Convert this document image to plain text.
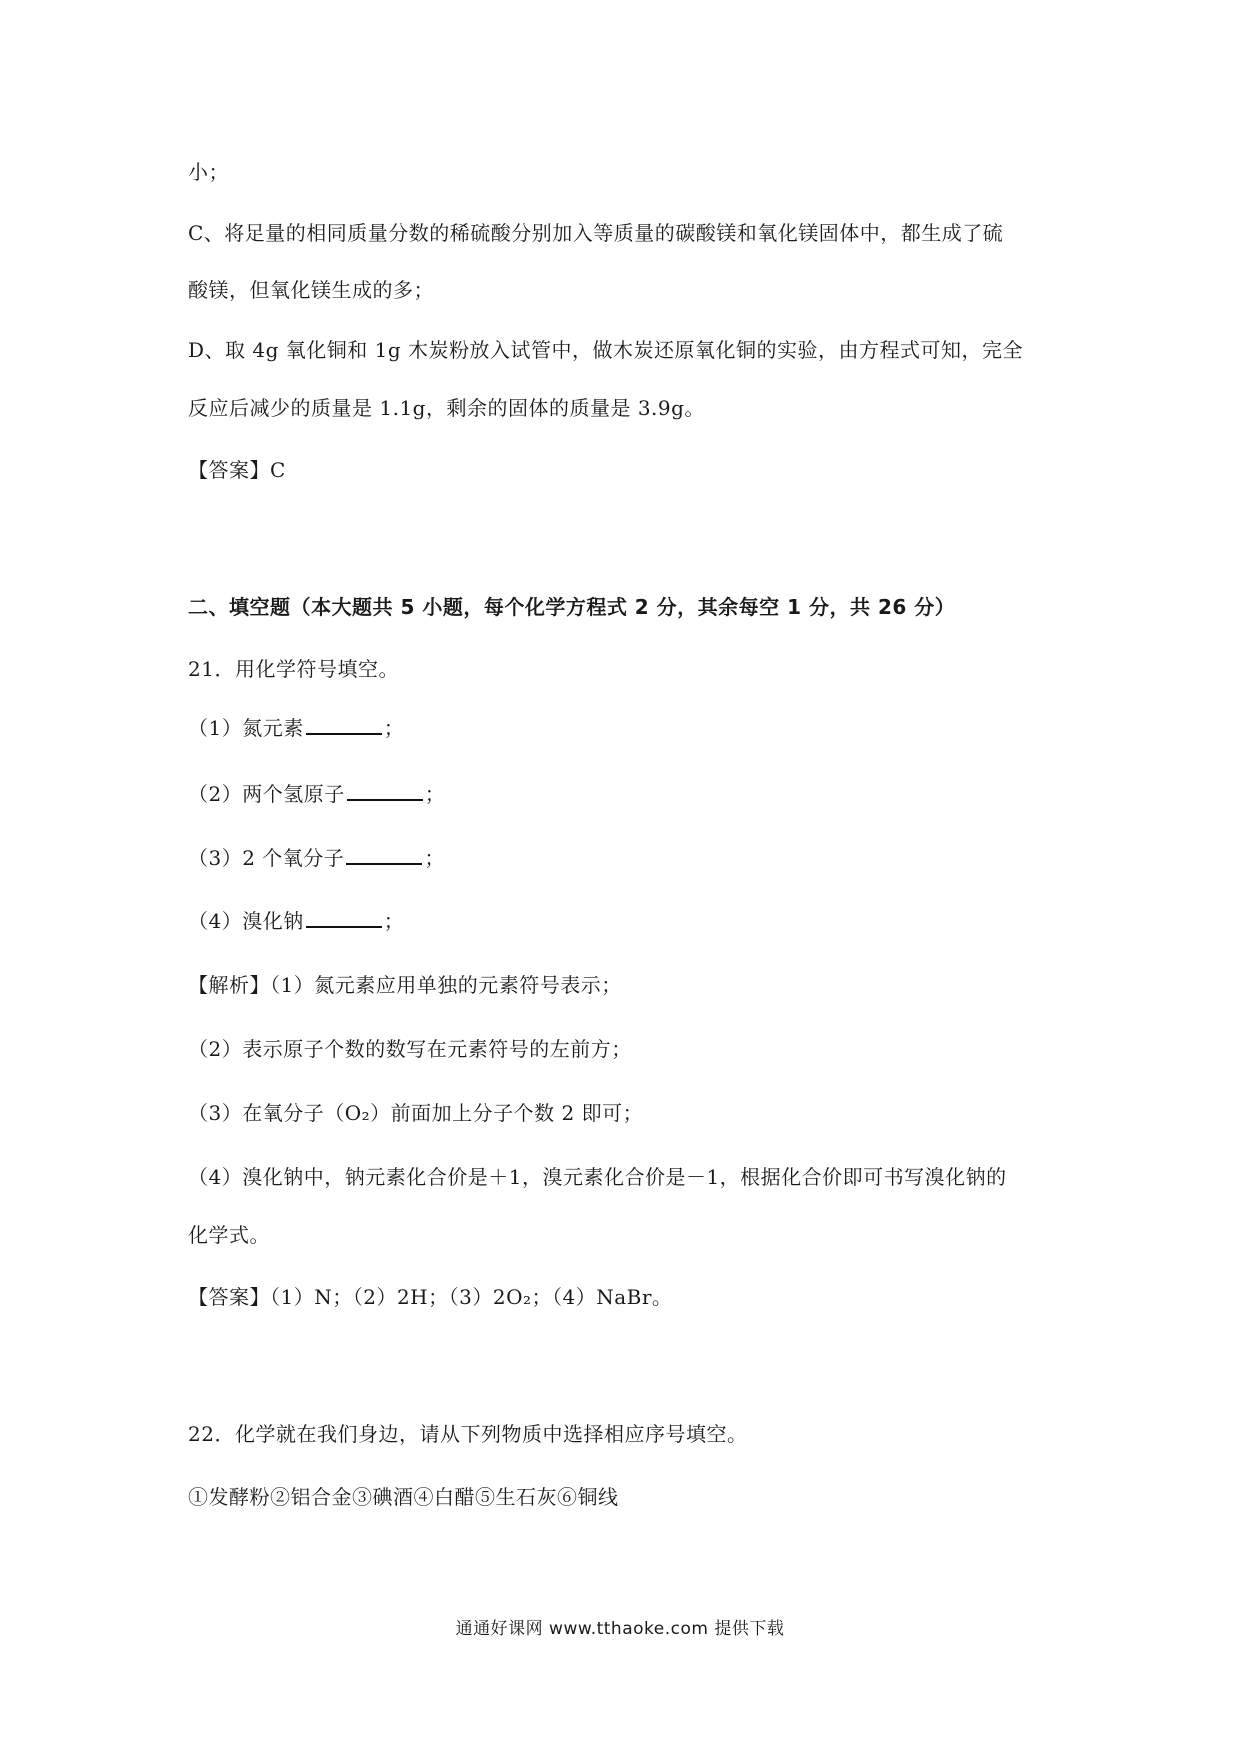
小；
C、将足量的相同质量分数的稀硫酸分别加入等质量的碳酸镁和氧化镁固体中，都生成了硫
酸镁，但氧化镁生成的多；
D、取 4g 氧化铜和 1g 木炭粉放入试管中，做木炭还原氧化铜的实验，由方程式可知，完全
反应后减少的质量是 1.1g，剩余的固体的质量是 3.9g。
【答案】C
二、填空题（本大题共 5 小题，每个化学方程式 2 分，其余每空 1 分，共 26 分）
21．用化学符号填空。
（1）氮元素	；
（2）两个氢原子	；
（3）2 个氧分子	；
（4）溴化钠	；
【解析】（1）氮元素应用单独的元素符号表示；
（2）表示原子个数的数写在元素符号的左前方；
（3）在氧分子（O₂）前面加上分子个数 2 即可；
（4）溴化钠中，钠元素化合价是＋1，溴元素化合价是－1，根据化合价即可书写溴化钠的
化学式。
【答案】（1）N；（2）2H；（3）2O₂；（4）NaBr。
22．化学就在我们身边，请从下列物质中选择相应序号填空。
①发酵粉②铝合金③碘酒④白醋⑤生石灰⑥铜线
通通好课网 www.tthaoke.com 提供下载
